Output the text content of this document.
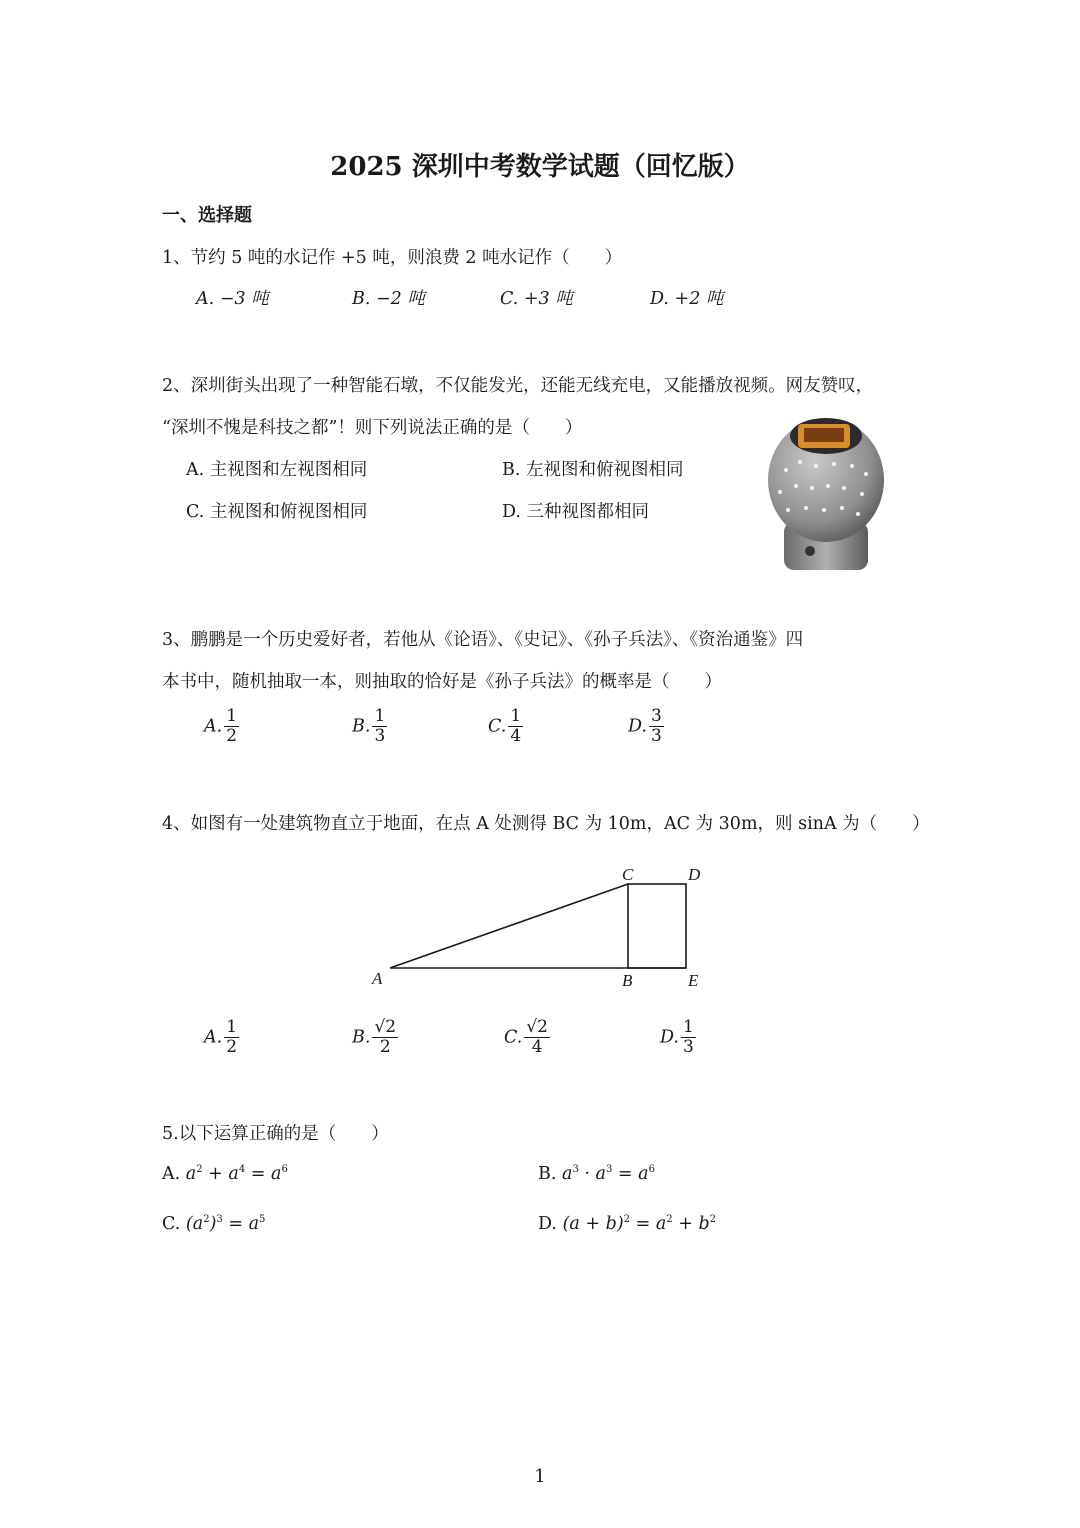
2025 深圳中考数学试题（回忆版）
一、选择题
1、节约 5 吨的水记作 +5 吨，则浪费 2 吨水记作（　　）
A. −3 吨	B. −2 吨	C. +3 吨	D. +2 吨
2、深圳街头出现了一种智能石墩，不仅能发光，还能无线充电，又能播放视频。网友赞叹，
“深圳不愧是科技之都”！则下列说法正确的是（　　）
A. 主视图和左视图相同	B. 左视图和俯视图相同
C. 主视图和俯视图相同	D. 三种视图都相同
3、鹏鹏是一个历史爱好者，若他从《论语》、《史记》、《孙子兵法》、《资治通鉴》四
本书中，随机抽取一本，则抽取的恰好是《孙子兵法》的概率是（　　）
A. $\frac{1}{2}$	B. $\frac{1}{3}$	C. $\frac{1}{4}$	D. $\frac{3}{3}$
4、如图有一处建筑物直立于地面，在点 A 处测得 BC 为 10m，AC 为 30m，则 sinA 为（　　）
A	B
C	D
E
A. $\frac{1}{2}$	B. $\frac{√2}{2}$	C. $\frac{√2}{4}$	D. $\frac{1}{3}$
5.以下运算正确的是（　　）
A. $a^2 + a^4 = a^6$	B. $a^3 \cdot a^3 = a^6$
C. $(a^2)^3 = a^5$	D. $(a + b)^2 = a^2 + b^2$
1
